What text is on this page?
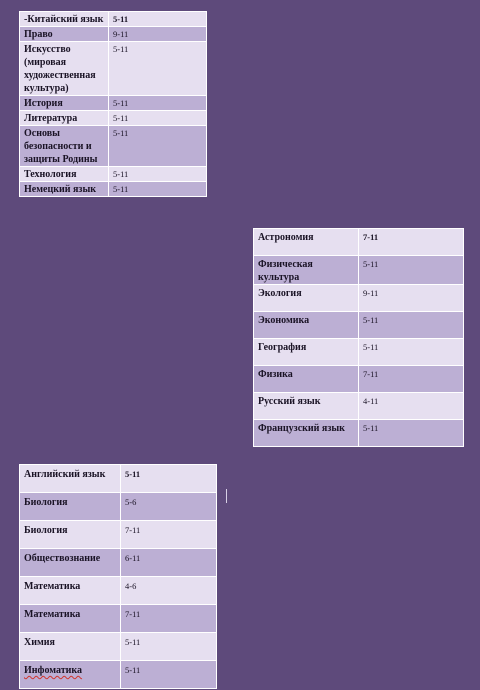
-Китайский язык	5-11
Право	9-11
Искусство (мировая художественная культура)	5-11
История	5-11
Литература	5-11
Основы безопасности и защиты Родины	5-11
Технология	5-11
Немецкий язык	5-11
Астрономия	7-11
Физическая культура	5-11
Экология	9-11
Экономика	5-11
География	5-11
Физика	7-11
Русский язык	4-11
Французский язык	5-11
Английский язык	5-11
Биология	5-6
Биология	7-11
Обществознание	6-11
Математика	4-6
Математика	7-11
Химия	5-11
Инфоматика	5-11
